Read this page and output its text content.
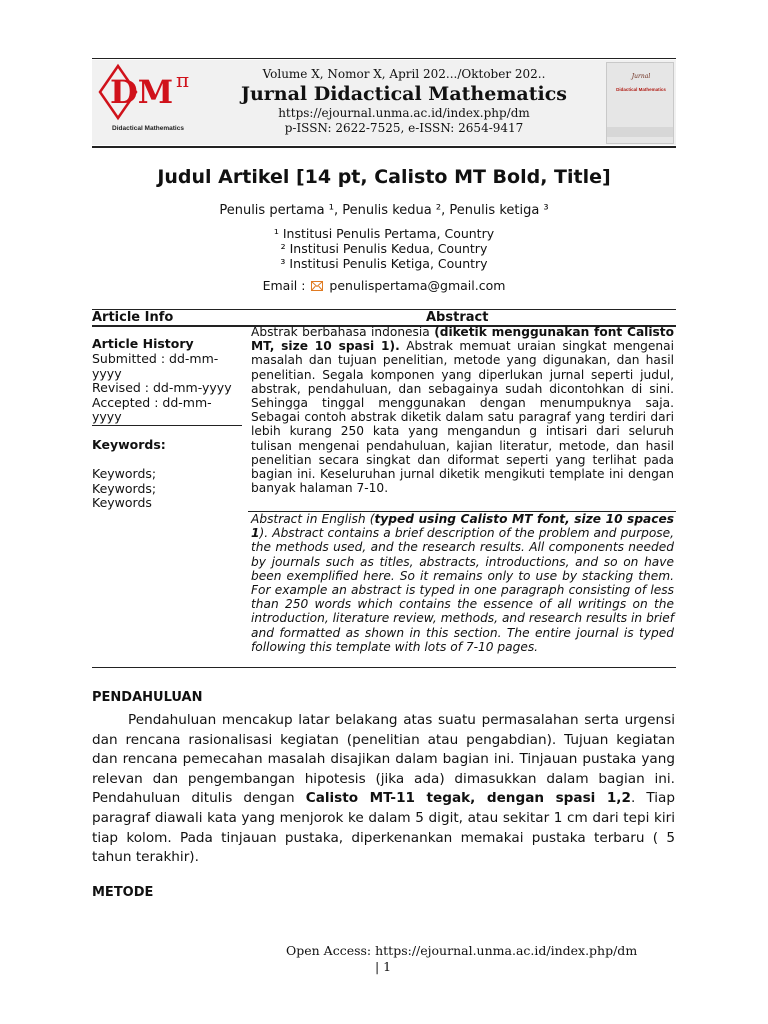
DM π
Didactical Mathematics
Volume X, Nomor X, April 202.../Oktober 202..
Jurnal Didactical Mathematics
https://ejournal.unma.ac.id/index.php/dm
p-ISSN: 2622-7525, e-ISSN: 2654-9417
Jurnal
Didactical Mathematics
Judul Artikel [14 pt, Calisto MT Bold, Title]
Penulis pertama ¹, Penulis kedua ², Penulis ketiga ³
¹ Institusi Penulis Pertama, Country
² Institusi Penulis Kedua, Country
³ Institusi Penulis Ketiga, Country
Email : penulispertama@gmail.com
Article Info	Abstract
Article History
Submitted : dd-mm-
yyyy
Revised : dd-mm-yyyy
Accepted : dd-mm-
yyyy
Keywords:
Keywords;
Keywords;
Keywords
Abstrak berbahasa indonesia (diketik menggunakan font Calisto MT, size 10 spasi 1). Abstrak memuat uraian singkat mengenai masalah dan tujuan penelitian, metode yang digunakan, dan hasil penelitian. Segala komponen yang diperlukan jurnal seperti judul, abstrak, pendahuluan, dan sebagainya sudah dicontohkan di sini. Sehingga tinggal menggunakan dengan menumpuknya saja. Sebagai contoh abstrak diketik dalam satu paragraf yang terdiri dari lebih kurang 250 kata yang mengandun g intisari dari seluruh tulisan mengenai pendahuluan, kajian literatur, metode, dan hasil penelitian secara singkat dan diformat seperti yang terlihat pada bagian ini. Keseluruhan jurnal diketik mengikuti template ini dengan banyak halaman 7-10.
Abstract in English (typed using Calisto MT font, size 10 spaces 1). Abstract contains a brief description of the problem and purpose, the methods used, and the research results. All components needed by journals such as titles, abstracts, introductions, and so on have been exemplified here. So it remains only to use by stacking them. For example an abstract is typed in one paragraph consisting of less than 250 words which contains the essence of all writings on the introduction, literature review, methods, and research results in brief and formatted as shown in this section. The entire journal is typed following this template with lots of 7-10 pages.
PENDAHULUAN
Pendahuluan mencakup latar belakang atas suatu permasalahan serta urgensi dan rencana rasionalisasi kegiatan (penelitian atau pengabdian). Tujuan kegiatan dan rencana pemecahan masalah disajikan dalam bagian ini. Tinjauan pustaka yang relevan dan pengembangan hipotesis (jika ada) dimasukkan dalam bagian ini. Pendahuluan ditulis dengan Calisto MT-11 tegak, dengan spasi 1,2. Tiap paragraf diawali kata yang menjorok ke dalam 5 digit, atau sekitar 1 cm dari tepi kiri tiap kolom. Pada tinjauan pustaka, diperkenankan memakai pustaka terbaru ( 5 tahun terakhir).
METODE
Open Access: https://ejournal.unma.ac.id/index.php/dm
| 1
